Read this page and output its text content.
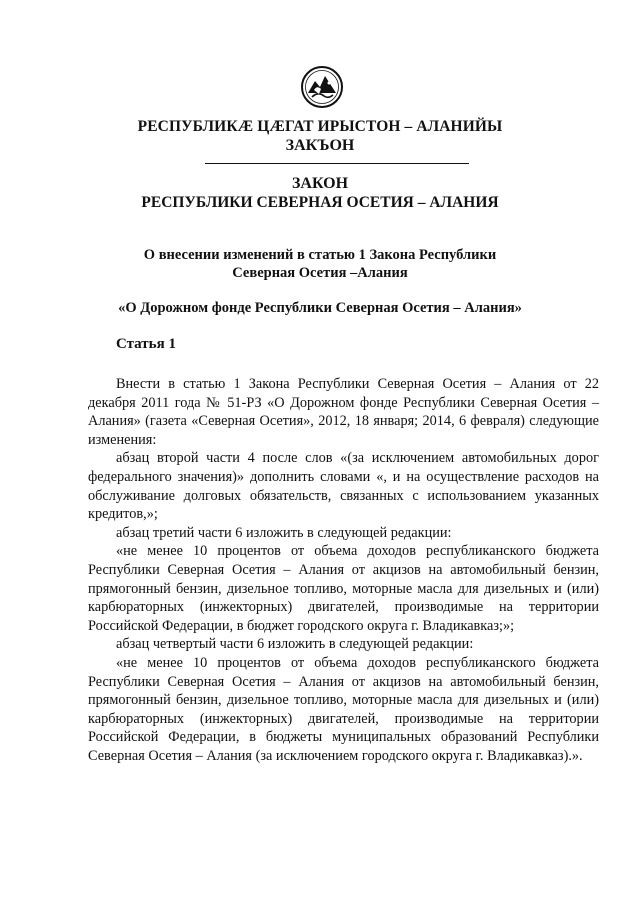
РЕСПУБЛИКÆ ЦÆГАТ ИРЫСТОН – АЛАНИЙЫ
ЗАКЪОН
ЗАКОН
РЕСПУБЛИКИ СЕВЕРНАЯ ОСЕТИЯ – АЛАНИЯ
О внесении изменений в статью 1 Закона Республики
Северная Осетия –Алания
«О Дорожном фонде Республики Северная Осетия – Алания»
Статья 1

Внести в статью 1 Закона Республики Северная Осетия – Алания от 22 декабря 2011 года № 51-РЗ «О Дорожном фонде Республики Северная Осетия – Алания» (газета «Северная Осетия», 2012, 18 января; 2014, 6 февраля) следующие изменения:

абзац второй части 4 после слов «(за исключением автомобильных дорог федерального значения)» дополнить словами «, и на осуществление расходов на обслуживание долговых обязательств, связанных с использованием указанных кредитов,»;

абзац третий части 6 изложить в следующей редакции:

«не менее 10 процентов от объема доходов республиканского бюджета Республики Северная Осетия – Алания от акцизов на автомобильный бензин, прямогонный бензин, дизельное топливо, моторные масла для дизельных и (или) карбюраторных (инжекторных) двигателей, производимые на территории Российской Федерации, в бюджет городского округа г. Владикавказ;»;

абзац четвертый части 6 изложить в следующей редакции:

«не менее 10 процентов от объема доходов республиканского бюджета Республики Северная Осетия – Алания от акцизов на автомобильный бензин, прямогонный бензин, дизельное топливо, моторные масла для дизельных и (или) карбюраторных (инжекторных) двигателей, производимые на территории Российской Федерации, в бюджеты муниципальных образований Республики Северная Осетия – Алания (за исключением городского округа г. Владикавказ).».
